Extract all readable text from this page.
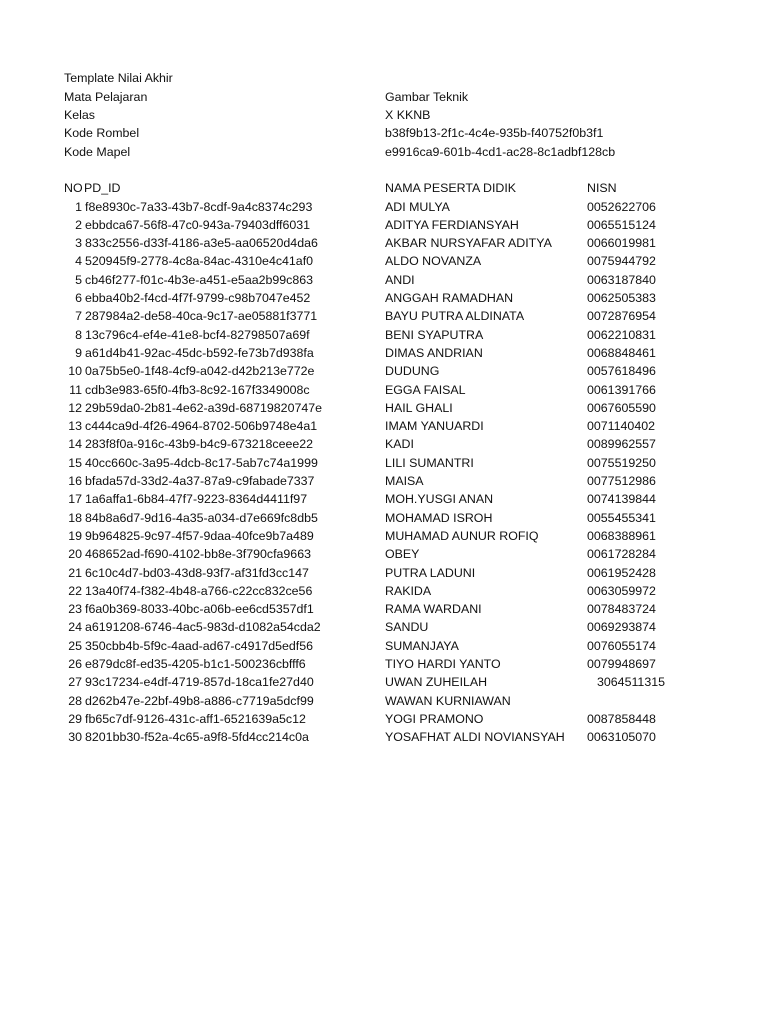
Template Nilai Akhir
Mata Pelajaran	Gambar Teknik
Kelas	X KKNB
Kode Rombel	b38f9b13-2f1c-4c4e-935b-f40752f0b3f1
Kode Mapel	e9916ca9-601b-4cd1-ac28-8c1adbf128cb
NO PD_ID	NAMA PESERTA DIDIK	NISN
1 f8e8930c-7a33-43b7-8cdf-9a4c8374c293	ADI MULYA	0052622706
2 ebbdca67-56f8-47c0-943a-79403dff6031	ADITYA FERDIANSYAH	0065515124
3 833c2556-d33f-4186-a3e5-aa06520d4da6	AKBAR NURSYAFAR ADITYA	0066019981
4 520945f9-2778-4c8a-84ac-4310e4c41af0	ALDO NOVANZA	0075944792
5 cb46f277-f01c-4b3e-a451-e5aa2b99c863	ANDI	0063187840
6 ebba40b2-f4cd-4f7f-9799-c98b7047e452	ANGGAH RAMADHAN	0062505383
7 287984a2-de58-40ca-9c17-ae05881f3771	BAYU PUTRA ALDINATA	0072876954
8 13c796c4-ef4e-41e8-bcf4-82798507a69f	BENI SYAPUTRA	0062210831
9 a61d4b41-92ac-45dc-b592-fe73b7d938fa	DIMAS ANDRIAN	0068848461
10 0a75b5e0-1f48-4cf9-a042-d42b213e772e	DUDUNG	0057618496
11 cdb3e983-65f0-4fb3-8c92-167f3349008c	EGGA FAISAL	0061391766
12 29b59da0-2b81-4e62-a39d-68719820747e	HAIL GHALI	0067605590
13 c444ca9d-4f26-4964-8702-506b9748e4a1	IMAM YANUARDI	0071140402
14 283f8f0a-916c-43b9-b4c9-673218ceee22	KADI	0089962557
15 40cc660c-3a95-4dcb-8c17-5ab7c74a1999	LILI SUMANTRI	0075519250
16 bfada57d-33d2-4a37-87a9-c9fabade7337	MAISA	0077512986
17 1a6affa1-6b84-47f7-9223-8364d4411f97	MOH.YUSGI ANAN	0074139844
18 84b8a6d7-9d16-4a35-a034-d7e669fc8db5	MOHAMAD ISROH	0055455341
19 9b964825-9c97-4f57-9daa-40fce9b7a489	MUHAMAD AUNUR ROFIQ	0068388961
20 468652ad-f690-4102-bb8e-3f790cfa9663	OBEY	0061728284
21 6c10c4d7-bd03-43d8-93f7-af31fd3cc147	PUTRA LADUNI	0061952428
22 13a40f74-f382-4b48-a766-c22cc832ce56	RAKIDA	0063059972
23 f6a0b369-8033-40bc-a06b-ee6cd5357df1	RAMA WARDANI	0078483724
24 a6191208-6746-4ac5-983d-d1082a54cda2	SANDU	0069293874
25 350cbb4b-5f9c-4aad-ad67-c4917d5edf56	SUMANJAYA	0076055174
26 e879dc8f-ed35-4205-b1c1-500236cbfff6	TIYO HARDI YANTO	0079948697
27 93c17234-e4df-4719-857d-18ca1fe27d40	UWAN ZUHEILAH	3064511315
28 d262b47e-22bf-49b8-a886-c7719a5dcf99	WAWAN KURNIAWAN
29 fb65c7df-9126-431c-aff1-6521639a5c12	YOGI PRAMONO	0087858448
30 8201bb30-f52a-4c65-a9f8-5fd4cc214c0a	YOSAFHAT ALDI NOVIANSYAH 0063105070
